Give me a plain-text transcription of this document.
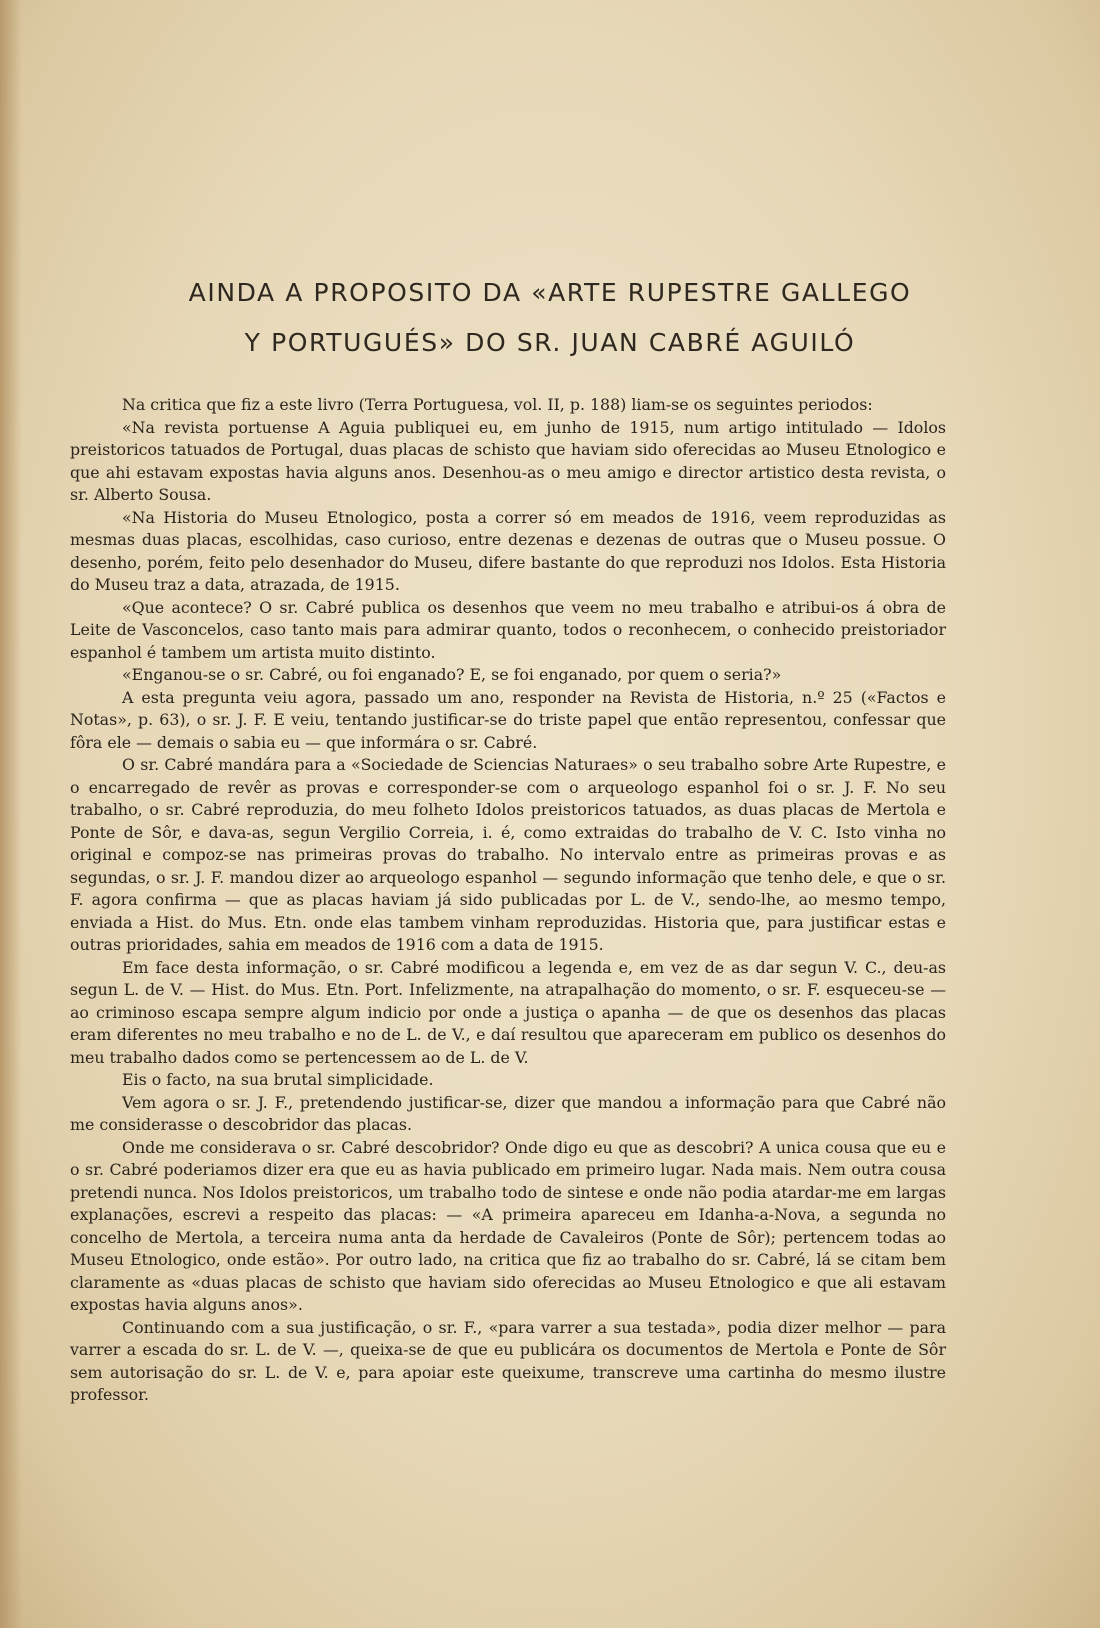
AINDA A PROPOSITO DA «ARTE RUPESTRE GALLEGO
Y PORTUGUÉS» DO SR. JUAN CABRÉ AGUILÓ

Na critica que fiz a este livro (Terra Portuguesa, vol. II, p. 188) liam-se os seguintes periodos:

«Na revista portuense A Aguia publiquei eu, em junho de 1915, num artigo intitulado — Idolos preistoricos tatuados de Portugal, duas placas de schisto que haviam sido oferecidas ao Museu Etnologico e que ahi estavam expostas havia alguns anos. Desenhou-as o meu amigo e director artistico desta revista, o sr. Alberto Sousa.

«Na Historia do Museu Etnologico, posta a correr só em meados de 1916, veem reproduzidas as mesmas duas placas, escolhidas, caso curioso, entre dezenas e dezenas de outras que o Museu possue. O desenho, porém, feito pelo desenhador do Museu, difere bastante do que reproduzi nos Idolos. Esta Historia do Museu traz a data, atrazada, de 1915.

«Que acontece? O sr. Cabré publica os desenhos que veem no meu trabalho e atribui-os á obra de Leite de Vasconcelos, caso tanto mais para admirar quanto, todos o reconhecem, o conhecido preistoriador espanhol é tambem um artista muito distinto.

«Enganou-se o sr. Cabré, ou foi enganado? E, se foi enganado, por quem o seria?»

A esta pregunta veiu agora, passado um ano, responder na Revista de Historia, n.º 25 («Factos e Notas», p. 63), o sr. J. F. E veiu, tentando justificar-se do triste papel que então representou, confessar que fôra ele — demais o sabia eu — que informára o sr. Cabré.

O sr. Cabré mandára para a «Sociedade de Sciencias Naturaes» o seu trabalho sobre Arte Rupestre, e o encarregado de revêr as provas e corresponder-se com o arqueologo espanhol foi o sr. J. F. No seu trabalho, o sr. Cabré reproduzia, do meu folheto Idolos preistoricos tatuados, as duas placas de Mertola e Ponte de Sôr, e dava-as, segun Vergilio Correia, i. é, como extraidas do trabalho de V. C. Isto vinha no original e compoz-se nas primeiras provas do trabalho. No intervalo entre as primeiras provas e as segundas, o sr. J. F. mandou dizer ao arqueologo espanhol — segundo informação que tenho dele, e que o sr. F. agora confirma — que as placas haviam já sido publicadas por L. de V., sendo-lhe, ao mesmo tempo, enviada a Hist. do Mus. Etn. onde elas tambem vinham reproduzidas. Historia que, para justificar estas e outras prioridades, sahia em meados de 1916 com a data de 1915.

Em face desta informação, o sr. Cabré modificou a legenda e, em vez de as dar segun V. C., deu-as segun L. de V. — Hist. do Mus. Etn. Port. Infelizmente, na atrapalhação do momento, o sr. F. esqueceu-se — ao criminoso escapa sempre algum indicio por onde a justiça o apanha — de que os desenhos das placas eram diferentes no meu trabalho e no de L. de V., e daí resultou que apareceram em publico os desenhos do meu trabalho dados como se pertencessem ao de L. de V.

Eis o facto, na sua brutal simplicidade.

Vem agora o sr. J. F., pretendendo justificar-se, dizer que mandou a informação para que Cabré não me considerasse o descobridor das placas.

Onde me considerava o sr. Cabré descobridor? Onde digo eu que as descobri? A unica cousa que eu e o sr. Cabré poderiamos dizer era que eu as havia publicado em primeiro lugar. Nada mais. Nem outra cousa pretendi nunca. Nos Idolos preistoricos, um trabalho todo de sintese e onde não podia atardar-me em largas explanações, escrevi a respeito das placas: — «A primeira apareceu em Idanha-a-Nova, a segunda no concelho de Mertola, a terceira numa anta da herdade de Cavaleiros (Ponte de Sôr); pertencem todas ao Museu Etnologico, onde estão». Por outro lado, na critica que fiz ao trabalho do sr. Cabré, lá se citam bem claramente as «duas placas de schisto que haviam sido oferecidas ao Museu Etnologico e que ali estavam expostas havia alguns anos».

Continuando com a sua justificação, o sr. F., «para varrer a sua testada», podia dizer melhor — para varrer a escada do sr. L. de V. —, queixa-se de que eu publicára os documentos de Mertola e Ponte de Sôr sem autorisação do sr. L. de V. e, para apoiar este queixume, transcreve uma cartinha do mesmo ilustre professor.
